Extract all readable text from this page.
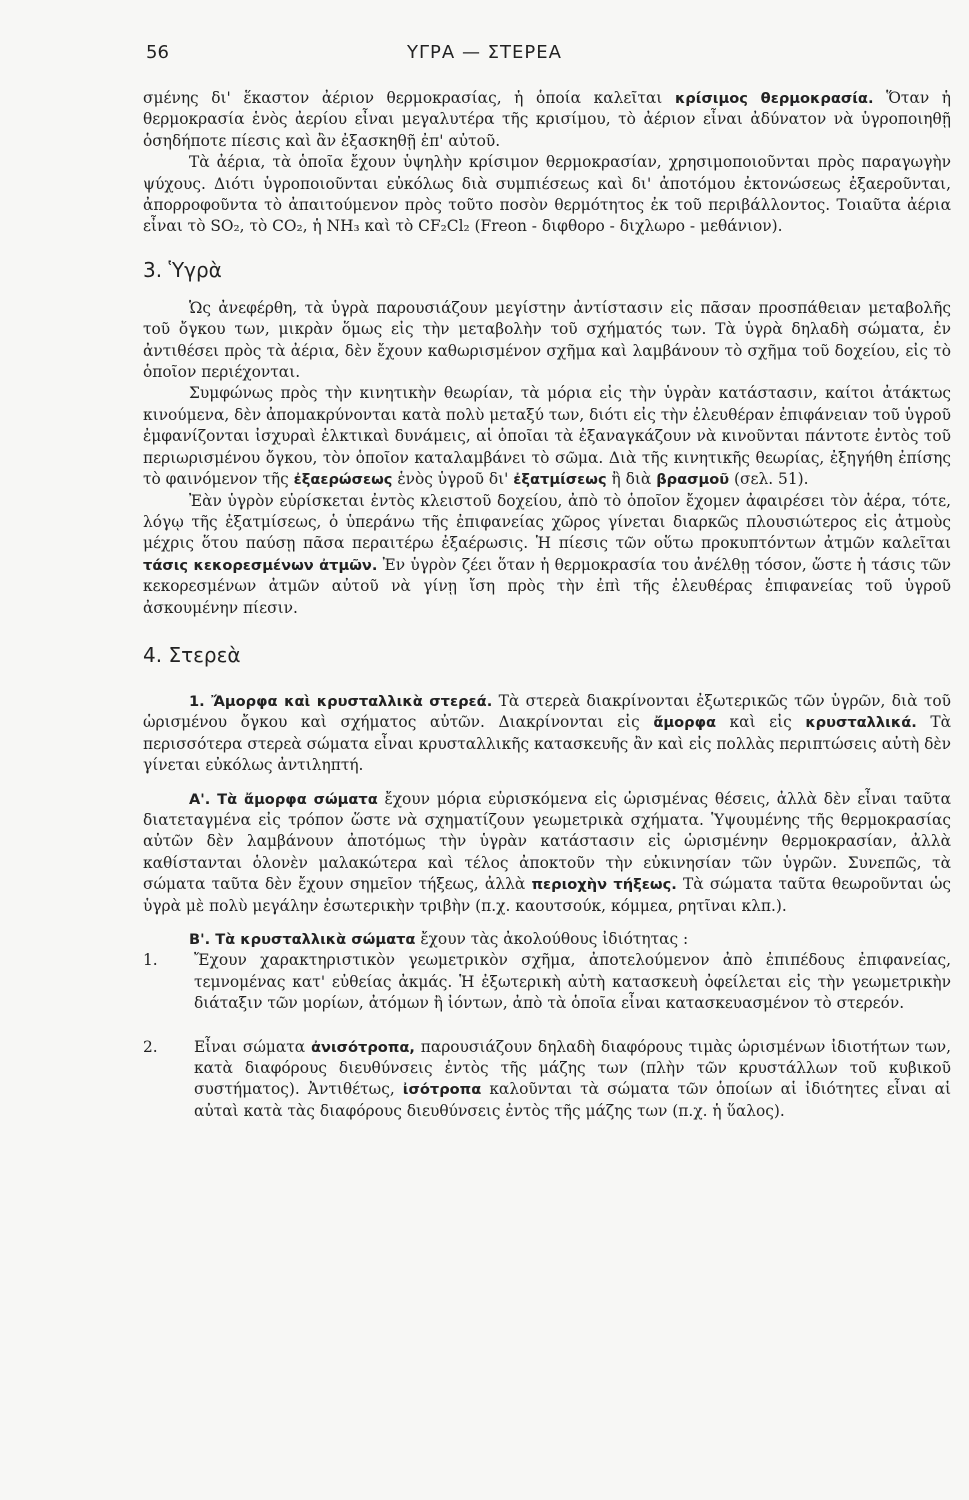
56	ΥΓΡΑ — ΣΤΕΡΕΑ

σμένης δι' ἕκαστον ἀέριον θερμοκρασίας, ἡ ὁποία καλεῖται κρίσιμος θερμοκρασία. Ὅταν ἡ θερμοκρασία ἑνὸς ἀερίου εἶναι μεγαλυτέρα τῆς κρισίμου, τὸ ἀέριον εἶναι ἀδύνατον νὰ ὑγροποιηθῇ ὁσηδήποτε πίεσις καὶ ἂν ἐξασκηθῇ ἐπ' αὐτοῦ.

Τὰ ἀέρια, τὰ ὁποῖα ἔχουν ὑψηλὴν κρίσιμον θερμοκρασίαν, χρησιμοποιοῦνται πρὸς παραγωγὴν ψύχους. Διότι ὑγροποιοῦνται εὐκόλως διὰ συμπιέσεως καὶ δι' ἀποτόμου ἐκτονώσεως ἐξαεροῦνται, ἀπορροφοῦντα τὸ ἀπαιτούμενον πρὸς τοῦτο ποσὸν θερμότητος ἐκ τοῦ περιβάλλοντος. Τοιαῦτα ἀέρια εἶναι τὸ SO₂, τὸ CO₂, ἡ NH₃ καὶ τὸ CF₂Cl₂ (Freon - διφθορο - διχλωρο - μεθάνιον).

3. Ὑγρὰ

Ὡς ἀνεφέρθη, τὰ ὑγρὰ παρουσιάζουν μεγίστην ἀντίστασιν εἰς πᾶσαν προσπάθειαν μεταβολῆς τοῦ ὄγκου των, μικρὰν ὅμως εἰς τὴν μεταβολὴν τοῦ σχήματός των. Τὰ ὑγρὰ δηλαδὴ σώματα, ἐν ἀντιθέσει πρὸς τὰ ἀέρια, δὲν ἔχουν καθωρισμένον σχῆμα καὶ λαμβάνουν τὸ σχῆμα τοῦ δοχείου, εἰς τὸ ὁποῖον περιέχονται.

Συμφώνως πρὸς τὴν κινητικὴν θεωρίαν, τὰ μόρια εἰς τὴν ὑγρὰν κατάστασιν, καίτοι ἀτάκτως κινούμενα, δὲν ἀπομακρύνονται κατὰ πολὺ μεταξύ των, διότι εἰς τὴν ἐλευθέραν ἐπιφάνειαν τοῦ ὑγροῦ ἐμφανίζονται ἰσχυραὶ ἑλκτικαὶ δυνάμεις, αἱ ὁποῖαι τὰ ἐξαναγκάζουν νὰ κινοῦνται πάντοτε ἐντὸς τοῦ περιωρισμένου ὄγκου, τὸν ὁποῖον καταλαμβάνει τὸ σῶμα. Διὰ τῆς κινητικῆς θεωρίας, ἐξηγήθη ἐπίσης τὸ φαινόμενον τῆς ἐξαερώσεως ἑνὸς ὑγροῦ δι' ἐξατμίσεως ἢ διὰ βρασμοῦ (σελ. 51).

Ἐὰν ὑγρὸν εὑρίσκεται ἐντὸς κλειστοῦ δοχείου, ἀπὸ τὸ ὁποῖον ἔχομεν ἀφαιρέσει τὸν ἀέρα, τότε, λόγῳ τῆς ἐξατμίσεως, ὁ ὑπεράνω τῆς ἐπιφανείας χῶρος γίνεται διαρκῶς πλουσιώτερος εἰς ἀτμοὺς μέχρις ὅτου παύσῃ πᾶσα περαιτέρω ἐξαέρωσις. Ἡ πίεσις τῶν οὕτω προκυπτόντων ἀτμῶν καλεῖται τάσις κεκορεσμένων ἀτμῶν. Ἐν ὑγρὸν ζέει ὅταν ἡ θερμοκρασία του ἀνέλθῃ τόσον, ὥστε ἡ τάσις τῶν κεκορεσμένων ἀτμῶν αὐτοῦ νὰ γίνῃ ἴση πρὸς τὴν ἐπὶ τῆς ἐλευθέρας ἐπιφανείας τοῦ ὑγροῦ ἀσκουμένην πίεσιν.

4. Στερεὰ

1. Ἄμορφα καὶ κρυσταλλικὰ στερεά. Τὰ στερεὰ διακρίνονται ἐξωτερικῶς τῶν ὑγρῶν, διὰ τοῦ ὡρισμένου ὄγκου καὶ σχήματος αὐτῶν. Διακρίνονται εἰς ἄμορφα καὶ εἰς κρυσταλλικά. Τὰ περισσότερα στερεὰ σώματα εἶναι κρυσταλλικῆς κατασκευῆς ἂν καὶ εἰς πολλὰς περιπτώσεις αὐτὴ δὲν γίνεται εὐκόλως ἀντιληπτή.

Α'. Τὰ ἄμορφα σώματα ἔχουν μόρια εὑρισκόμενα εἰς ὡρισμένας θέσεις, ἀλλὰ δὲν εἶναι ταῦτα διατεταγμένα εἰς τρόπον ὥστε νὰ σχηματίζουν γεωμετρικὰ σχήματα. Ὑψουμένης τῆς θερμοκρασίας αὐτῶν δὲν λαμβάνουν ἀποτόμως τὴν ὑγρὰν κατάστασιν εἰς ὡρισμένην θερμοκρασίαν, ἀλλὰ καθίστανται ὁλονὲν μαλακώτερα καὶ τέλος ἀποκτοῦν τὴν εὐκινησίαν τῶν ὑγρῶν. Συνεπῶς, τὰ σώματα ταῦτα δὲν ἔχουν σημεῖον τήξεως, ἀλλὰ περιοχὴν τήξεως. Τὰ σώματα ταῦτα θεωροῦνται ὡς ὑγρὰ μὲ πολὺ μεγάλην ἐσωτερικὴν τριβὴν (π.χ. καουτσούκ, κόμμεα, ρητῖναι κλπ.).

Β'. Τὰ κρυσταλλικὰ σώματα ἔχουν τὰς ἀκολούθους ἰδιότητας :

1. Ἔχουν χαρακτηριστικὸν γεωμετρικὸν σχῆμα, ἀποτελούμενον ἀπὸ ἐπιπέδους ἐπιφανείας, τεμνομένας κατ' εὐθείας ἀκμάς. Ἡ ἐξωτερικὴ αὐτὴ κατασκευὴ ὀφείλεται εἰς τὴν γεωμετρικὴν διάταξιν τῶν μορίων, ἀτόμων ἢ ἰόντων, ἀπὸ τὰ ὁποῖα εἶναι κατασκευασμένον τὸ στερεόν.
2. Εἶναι σώματα ἀνισότροπα, παρουσιάζουν δηλαδὴ διαφόρους τιμὰς ὡρισμένων ἰδιοτήτων των, κατὰ διαφόρους διευθύνσεις ἐντὸς τῆς μάζης των (πλὴν τῶν κρυστάλλων τοῦ κυβικοῦ συστήματος). Ἀντιθέτως, ἰσότροπα καλοῦνται τὰ σώματα τῶν ὁποίων αἱ ἰδιότητες εἶναι αἱ αὐταὶ κατὰ τὰς διαφόρους διευθύνσεις ἐντὸς τῆς μάζης των (π.χ. ἡ ὕαλος).
